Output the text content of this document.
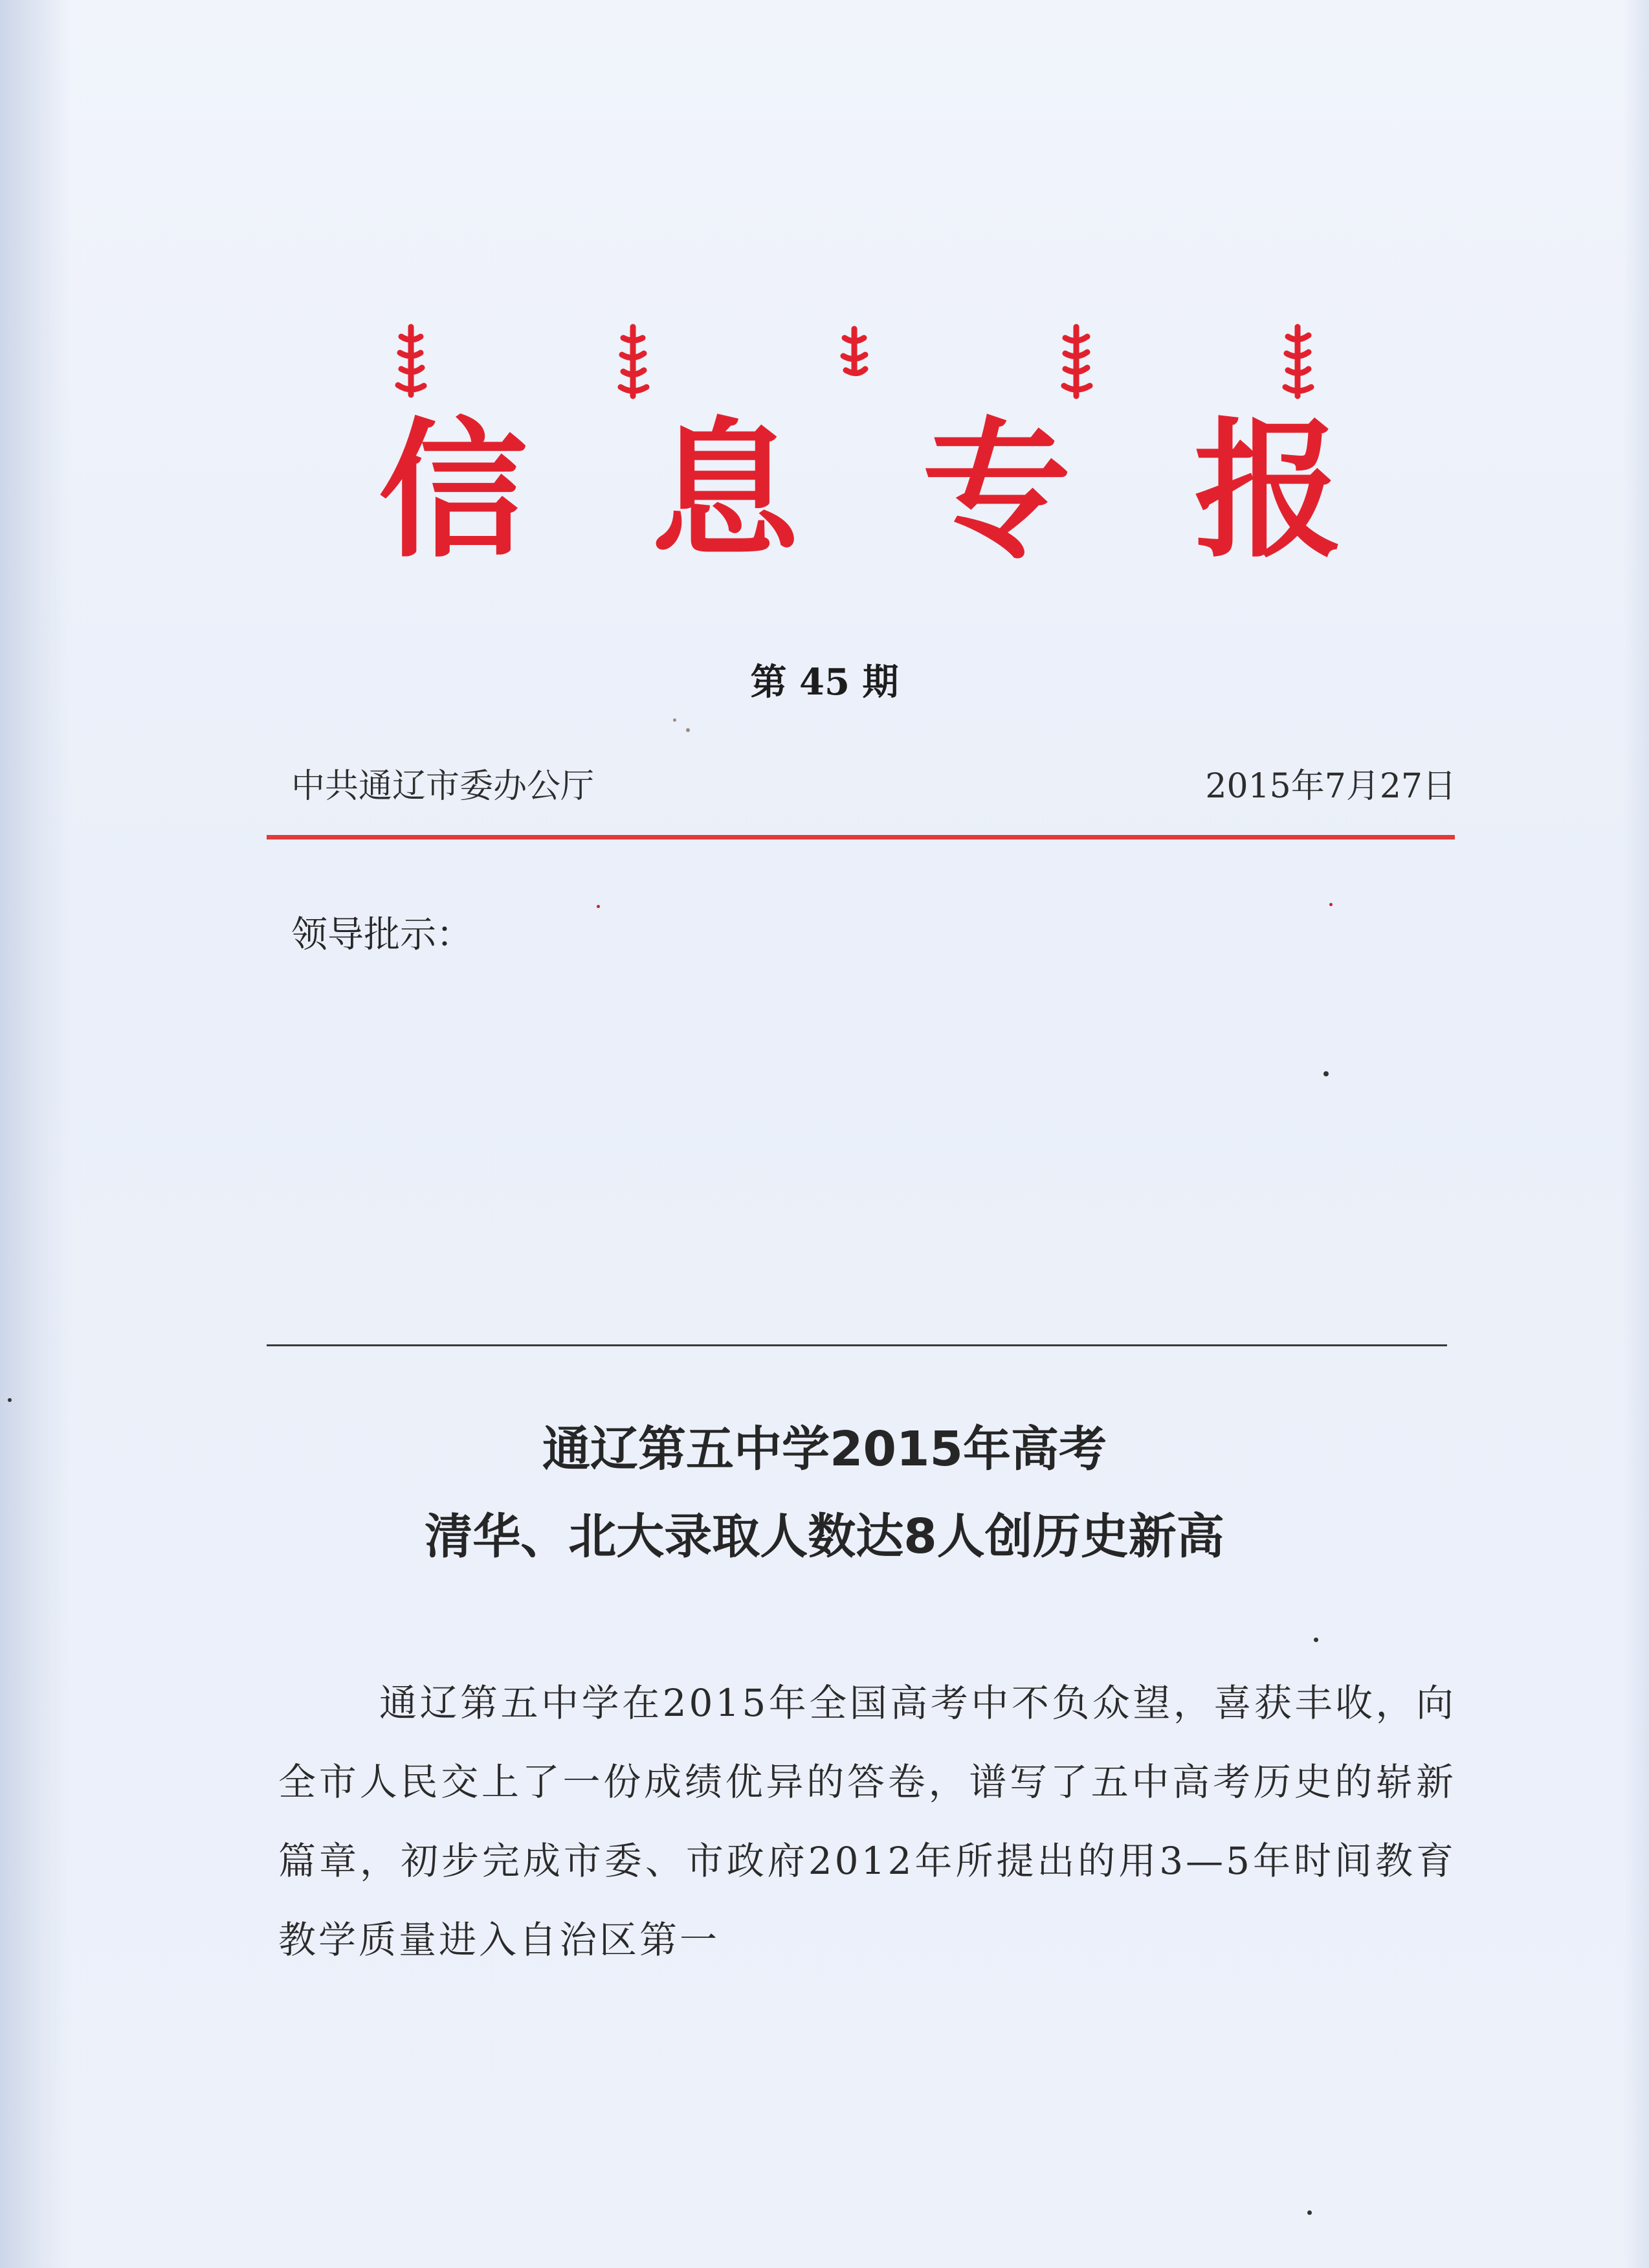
信 息 专 报
第 45 期
中共通辽市委办公厅	2015年7月27日
领导批示：
通辽第五中学2015年高考
清华、北大录取人数达8人创历史新高
通辽第五中学在2015年全国高考中不负众望，喜获丰收，向全市人民交上了一份成绩优异的答卷，谱写了五中高考历史的崭新篇章，初步完成市委、市政府2012年所提出的用3—5年时间教育教学质量进入自治区第一
